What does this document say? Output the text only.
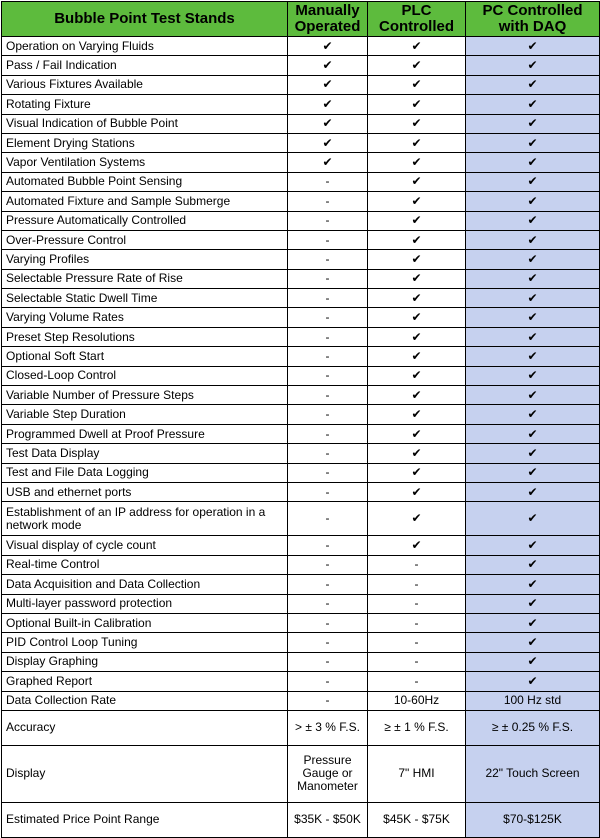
Bubble Point Test Stands	Manually Operated	PLC Controlled	PC Controlled with DAQ
Operation on Varying Fluids	✔	✔	✔
Pass / Fail Indication	✔	✔	✔
Various Fixtures Available	✔	✔	✔
Rotating Fixture	✔	✔	✔
Visual Indication of Bubble Point	✔	✔	✔
Element Drying Stations	✔	✔	✔
Vapor Ventilation Systems	✔	✔	✔
Automated Bubble Point Sensing	-	✔	✔
Automated Fixture and Sample Submerge	-	✔	✔
Pressure Automatically Controlled	-	✔	✔
Over-Pressure Control	-	✔	✔
Varying Profiles	-	✔	✔
Selectable Pressure Rate of Rise	-	✔	✔
Selectable Static Dwell Time	-	✔	✔
Varying Volume Rates	-	✔	✔
Preset Step Resolutions	-	✔	✔
Optional Soft Start	-	✔	✔
Closed-Loop Control	-	✔	✔
Variable Number of Pressure Steps	-	✔	✔
Variable Step Duration	-	✔	✔
Programmed Dwell at Proof Pressure	-	✔	✔
Test Data Display	-	✔	✔
Test and File Data Logging	-	✔	✔
USB and ethernet ports	-	✔	✔
Establishment of an IP address for operation in a network mode	-	✔	✔
Visual display of cycle count	-	✔	✔
Real-time Control	-	-	✔
Data Acquisition and Data Collection	-	-	✔
Multi-layer password protection	-	-	✔
Optional Built-in Calibration	-	-	✔
PID Control Loop Tuning	-	-	✔
Display Graphing	-	-	✔
Graphed Report	-	-	✔
Data Collection Rate	-	10-60Hz	100 Hz std
Accuracy	> ± 3 % F.S.	≥ ± 1 % F.S.	≥ ± 0.25 % F.S.
Display	Pressure Gauge or Manometer	7" HMI	22" Touch Screen
Estimated Price Point Range	$35K - $50K	$45K - $75K	$70-$125K
